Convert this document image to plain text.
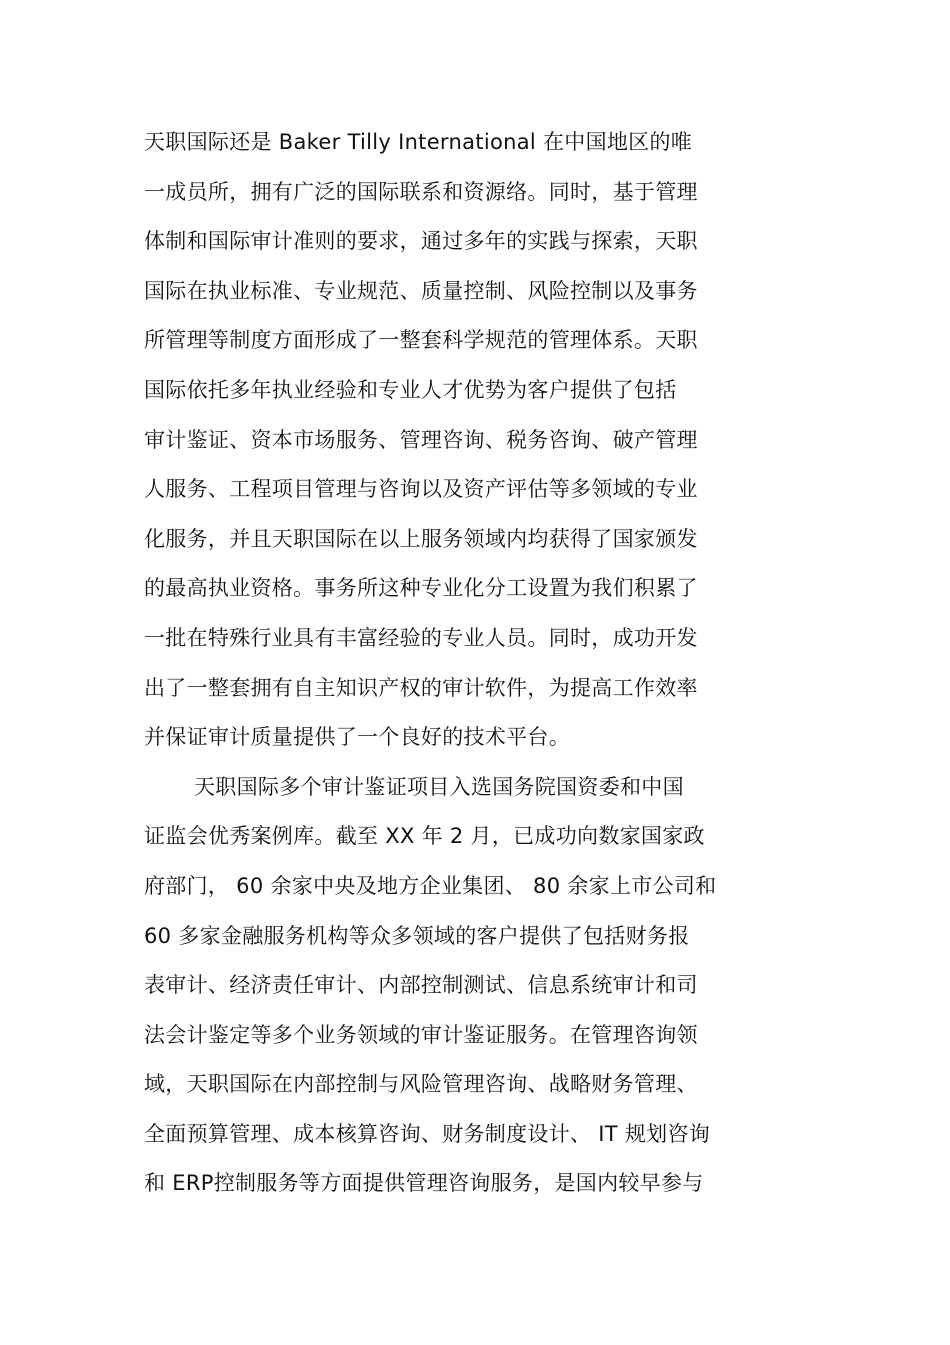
天职国际还是 Baker Tilly International 在中国地区的唯
一成员所，拥有广泛的国际联系和资源络。同时，基于管理
体制和国际审计准则的要求，通过多年的实践与探索，天职
国际在执业标准、专业规范、质量控制、风险控制以及事务
所管理等制度方面形成了一整套科学规范的管理体系。天职
国际依托多年执业经验和专业人才优势为客户提供了包括
审计鉴证、资本市场服务、管理咨询、税务咨询、破产管理
人服务、工程项目管理与咨询以及资产评估等多领域的专业
化服务，并且天职国际在以上服务领域内均获得了国家颁发
的最高执业资格。事务所这种专业化分工设置为我们积累了
一批在特殊行业具有丰富经验的专业人员。同时，成功开发
出了一整套拥有自主知识产权的审计软件，为提高工作效率
并保证审计质量提供了一个良好的技术平台。
天职国际多个审计鉴证项目入选国务院国资委和中国
证监会优秀案例库。截至 XX 年 2 月，已成功向数家国家政
府部门， 60 余家中央及地方企业集团、 80 余家上市公司和
60 多家金融服务机构等众多领域的客户提供了包括财务报
表审计、经济责任审计、内部控制测试、信息系统审计和司
法会计鉴定等多个业务领域的审计鉴证服务。在管理咨询领
域，天职国际在内部控制与风险管理咨询、战略财务管理、
全面预算管理、成本核算咨询、财务制度设计、 IT 规划咨询
和 ERP控制服务等方面提供管理咨询服务，是国内较早参与
